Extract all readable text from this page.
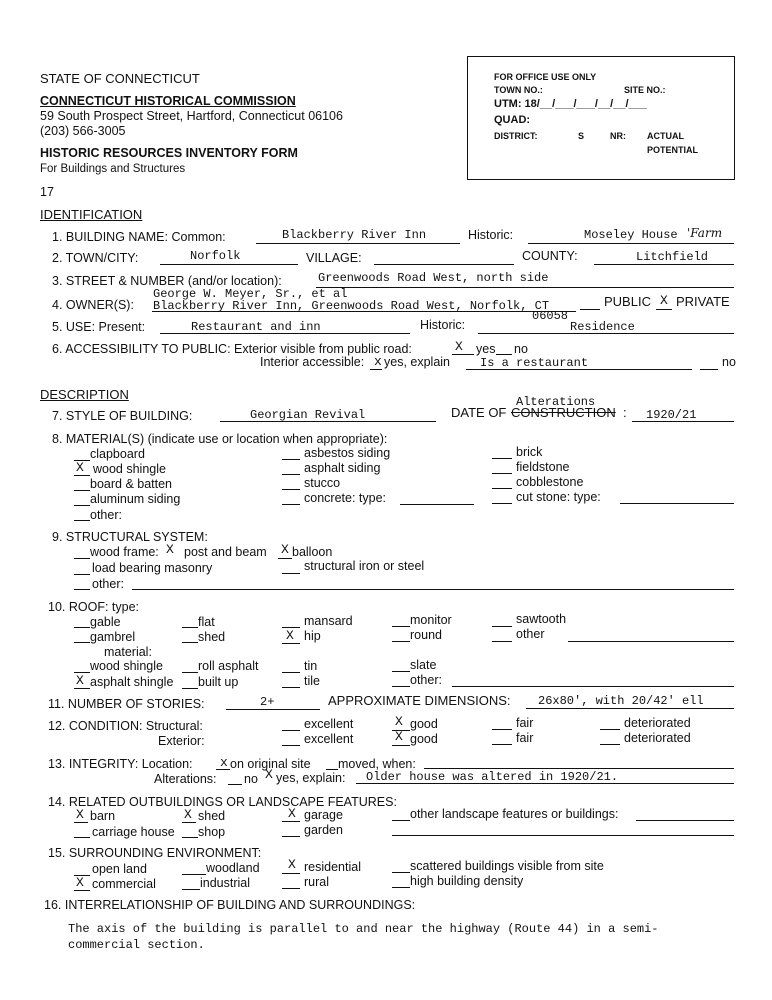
STATE OF CONNECTICUT
CONNECTICUT HISTORICAL COMMISSION
59 South Prospect Street, Hartford, Connecticut 06106
(203) 566-3005
HISTORIC RESOURCES INVENTORY FORM
For Buildings and Structures
17
FOR OFFICE USE ONLY
TOWN NO.:	SITE NO.:
UTM: 18/__/___/___/__/__/___
QUAD:
DISTRICT:	S	NR: ACTUAL
POTENTIAL
IDENTIFICATION
1. BUILDING NAME: Common:	Blackberry River Inn	Historic:	Moseley House 'Farm
2. TOWN/CITY:	Norfolk	VILLAGE:	COUNTY:	Litchfield
3. STREET & NUMBER (and/or location):	Greenwoods Road West, north side
4. OWNER(S):
George W. Meyer, Sr., et al
Blackberry River Inn, Greenwoods Road West, Norfolk, CT
06058
PUBLIC X PRIVATE
5. USE: Present:	Restaurant and inn	Historic:	Residence
6. ACCESSIBILITY TO PUBLIC: Exterior visible from public road:	X yes no
Interior accessible: x yes, explain Is a restaurant	no
DESCRIPTION
7. STYLE OF BUILDING:	Georgian Revival
Alterations
DATE OF CONSTRUCTION : 1920/21
8. MATERIAL(S) (indicate use or location when appropriate):
clapboard
X wood shingle
board & batten
aluminum siding
other:
asbestos siding
asphalt siding
stucco
concrete: type:
brick
fieldstone
cobblestone
cut stone: type:
9. STRUCTURAL SYSTEM:
wood frame: X post and beam X balloon
load bearing masonry	structural iron or steel
other:
10. ROOF: type:
gable	flat	mansard	monitor	sawtooth
gambrel	shed	X hip	round	other
material:
wood shingle	roll asphalt	tin	slate
X asphalt shingle built up	tile	other:
11. NUMBER OF STORIES:	2+	APPROXIMATE DIMENSIONS: 26x80', with 20/42' ell
12. CONDITION: Structural:
Exterior:
excellent	X good	fair	deteriorated
excellent	X good	fair	deteriorated
13. INTEGRITY: Location: x on original site moved, when:
Alterations: no X yes, explain: Older house was altered in 1920/21.
14. RELATED OUTBUILDINGS OR LANDSCAPE FEATURES:
X barn	X shed	X garage	other landscape features or buildings:
carriage house shop	garden
15. SURROUNDING ENVIRONMENT:
open land	woodland X residential	scattered buildings visible from site
X commercial	industrial	rural	high building density
16. INTERRELATIONSHIP OF BUILDING AND SURROUNDINGS:
The axis of the building is parallel to and near the highway (Route 44) in a semi-
commercial section.
